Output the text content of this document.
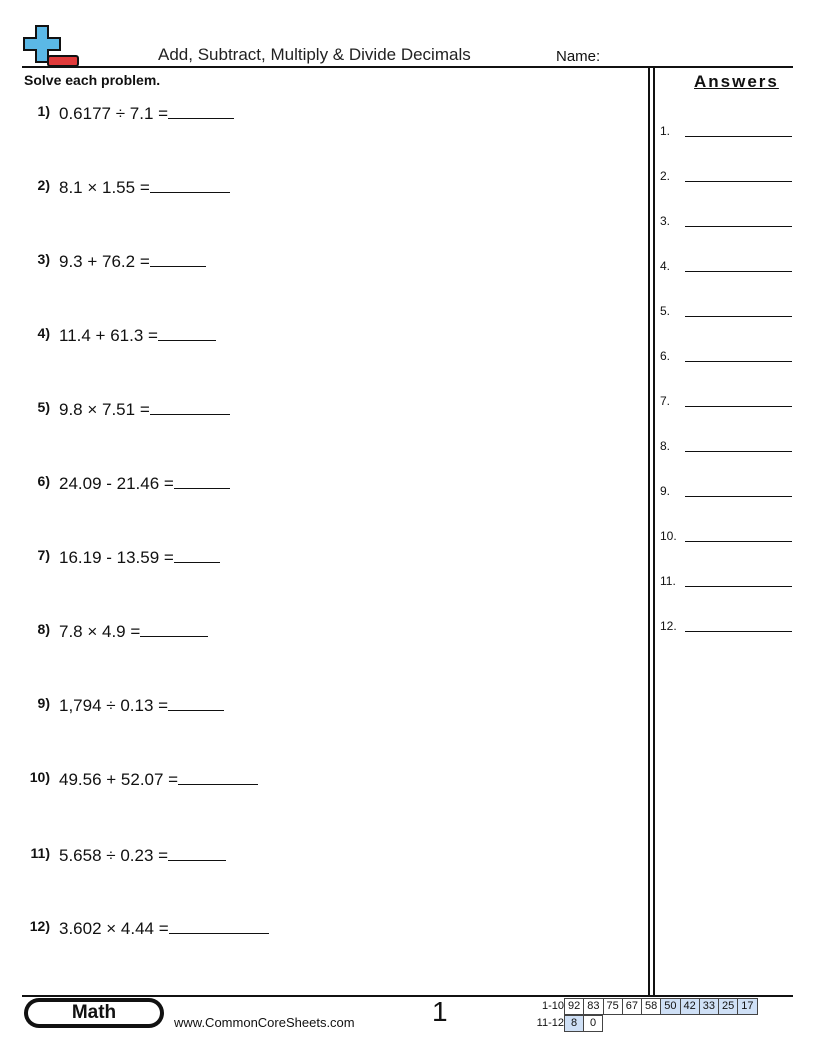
Add, Subtract, Multiply & Divide Decimals	Name:
Solve each problem.
1) 0.6177 ÷ 7.1 =
2) 8.1 × 1.55 =
3) 9.3 + 76.2 =
4) 11.4 + 61.3 =
5) 9.8 × 7.51 =
6) 24.09 - 21.46 =
7) 16.19 - 13.59 =
8) 7.8 × 4.9 =
9) 1,794 ÷ 0.13 =
10) 49.56 + 52.07 =
11) 5.658 ÷ 0.23 =
12) 3.602 × 4.44 =
Answers
1.
2.
3.
4.
5.
6.
7.
8.
9.
10.
11.
12.
Math	www.CommonCoreSheets.com	1	1-10 92 83 75 67 58 50 42 33 25 17
11-12 8	0
